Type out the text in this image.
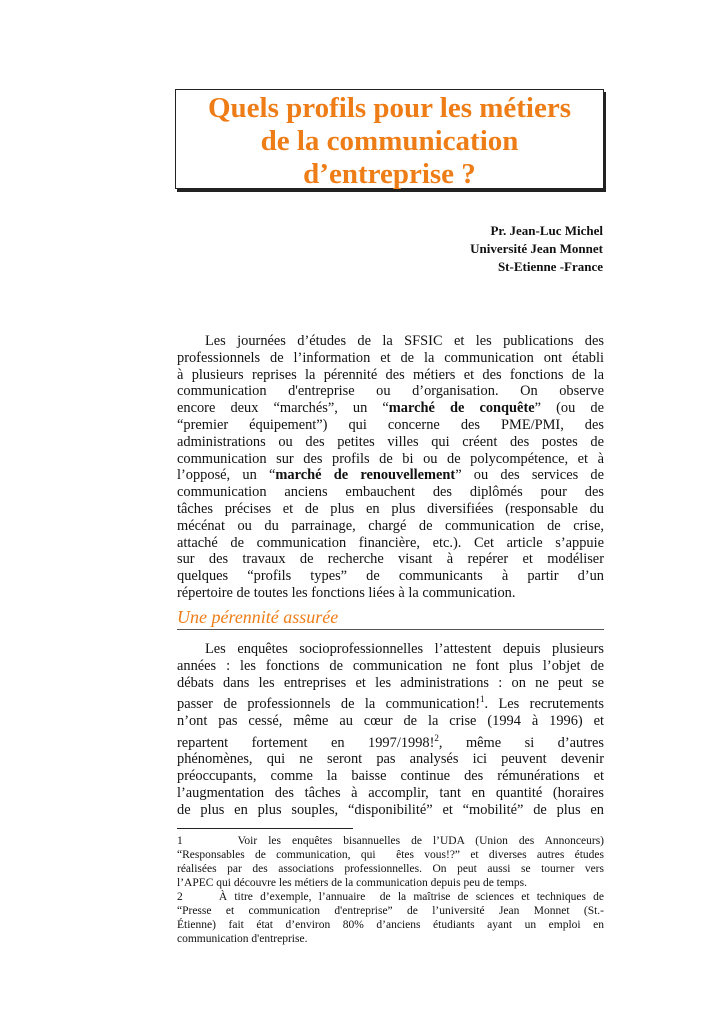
Quels profils pour les métiers
de la communication
d’entreprise ?
Pr. Jean-Luc Michel
Université Jean Monnet
St-Etienne -France
Les journées d’études de la SFSIC et les publications des
professionnels de l’information et de la communication ont établi
à plusieurs reprises la pérennité des métiers et des fonctions de la
communication d'entreprise ou d’organisation. On observe
encore deux “marchés”, un “marché de conquête” (ou de
“premier équipement”) qui concerne des PME/PMI, des
administrations ou des petites villes qui créent des postes de
communication sur des profils de bi ou de polycompétence, et à
l’opposé, un “marché de renouvellement” ou des services de
communication anciens embauchent des diplômés pour des
tâches précises et de plus en plus diversifiées (responsable du
mécénat ou du parrainage, chargé de communication de crise,
attaché de communication financière, etc.). Cet article s’appuie
sur des travaux de recherche visant à repérer et modéliser
quelques “profils types” de communicants à partir d’un
répertoire de toutes les fonctions liées à la communication.
Une pérennité assurée
Les enquêtes socioprofessionnelles l’attestent depuis plusieurs
années : les fonctions de communication ne font plus l’objet de
débats dans les entreprises et les administrations : on ne peut se
passer de professionnels de la communication!$^1$. Les recrutements
n’ont pas cessé, même au cœur de la crise (1994 à 1996) et
repartent fortement en 1997/1998!$^2$, même si d’autres
phénomènes, qui ne seront pas analysés ici peuvent devenir
préoccupants, comme la baisse continue des rémunérations et
l’augmentation des tâches à accomplir, tant en quantité (horaires
de plus en plus souples, “disponibilité” et “mobilité” de plus en
1     Voir les enquêtes bisannuelles de l’UDA (Union des Annonceurs)
“Responsables de communication, qui  êtes vous!?” et diverses autres études
réalisées par des associations professionnelles. On peut aussi se tourner vers
l’APEC qui découvre les métiers de la communication depuis peu de temps.
2     À titre d’exemple, l’annuaire  de la maîtrise de sciences et techniques de
“Presse et communication d'entreprise” de l’université Jean Monnet (St.-
Étienne) fait état d’environ 80% d’anciens étudiants ayant un emploi en
communication d'entreprise.
